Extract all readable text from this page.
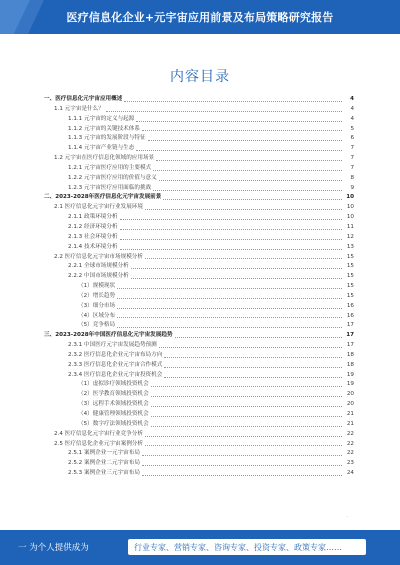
医疗信息化企业+元宇宙应用前景及布局策略研究报告
内容目录
一、医疗信息化元宇宙应用概述	4
1.1 元宇宙是什么？	4
1.1.1 元宇宙的定义与起源	4
1.1.2 元宇宙的关键技术体系	5
1.1.3 元宇宙的发展阶段与特征	6
1.1.4 元宇宙产业链与生态	7
1.2 元宇宙在医疗信息化领域的应用场景	7
1.2.1 元宇宙医疗应用的主要模式	7
1.2.2 元宇宙医疗应用的价值与意义	8
1.2.3 元宇宙医疗应用面临的挑战	9
二、2023-2028年医疗信息化元宇宙发展前景	10
2.1 医疗信息化元宇宙行业发展环境	10
2.1.1 政策环境分析	10
2.1.2 经济环境分析	11
2.1.3 社会环境分析	12
2.1.4 技术环境分析	13
2.2 医疗信息化元宇宙市场规模分析	15
2.2.1 全球市场规模分析	15
2.2.2 中国市场规模分析	15
（1）规模现状	15
（2）增长趋势	15
（3）细分市场	16
（4）区域分布	16
（5）竞争格局	17
三、2023-2028年中国医疗信息化元宇宙发展趋势	17
2.3.1 中国医疗元宇宙发展趋势预测	17
2.3.2 医疗信息化企业元宇宙布局方向	18
2.3.3 医疗信息化企业元宇宙合作模式	18
2.3.4 医疗信息化企业元宇宙投资机会	19
（1）虚拟诊疗领域投资机会	19
（2）医学教育领域投资机会	20
（3）远程手术领域投资机会	20
（4）健康管理领域投资机会	21
（5）数字疗法领域投资机会	21
2.4 医疗信息化元宇宙行业竞争分析	22
2.5 医疗信息化企业元宇宙案例分析	22
2.5.1 案例企业一元宇宙布局	22
2.5.2 案例企业二元宇宙布局	23
2.5.3 案例企业三元宇宙布局	24
·
一 为个人提供成为	行业专家、营销专家、咨询专家、投资专家、政策专家……
